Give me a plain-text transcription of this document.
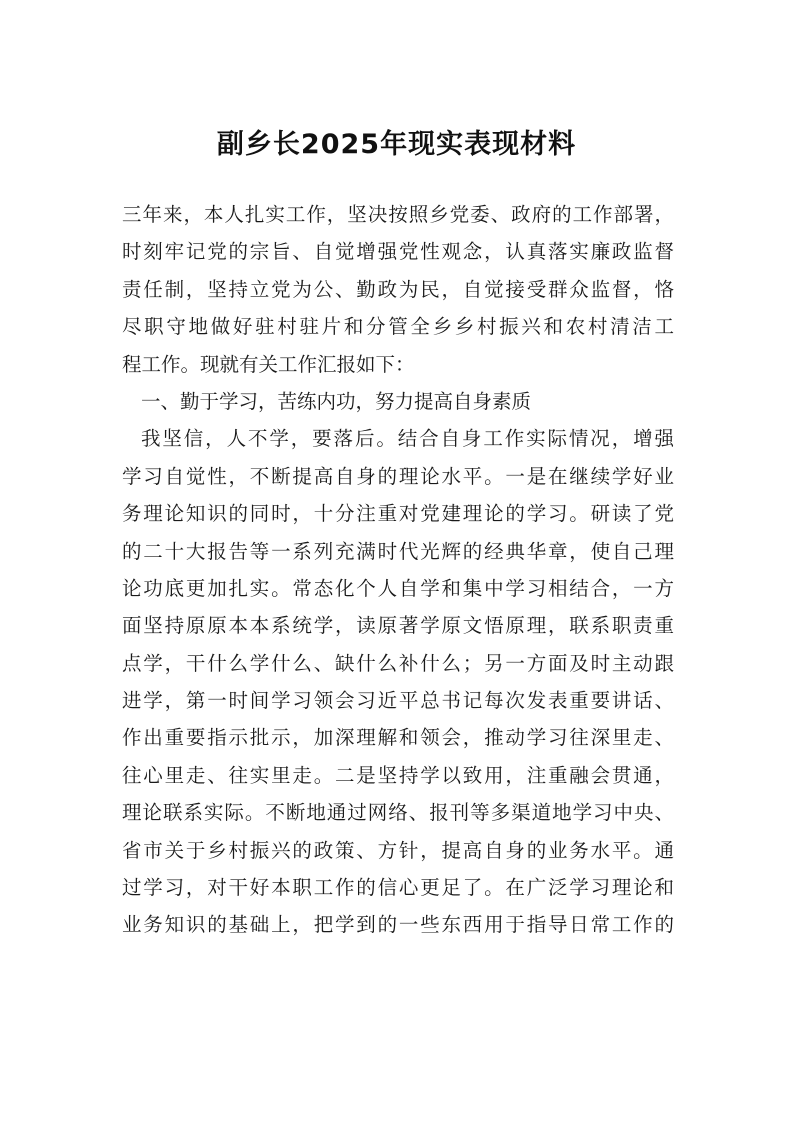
副乡长2025年现实表现材料
三年来，本人扎实工作，坚决按照乡党委、政府的工作部署，
时刻牢记党的宗旨、自觉增强党性观念，认真落实廉政监督
责任制，坚持立党为公、勤政为民，自觉接受群众监督，恪
尽职守地做好驻村驻片和分管全乡乡村振兴和农村清洁工
程工作。现就有关工作汇报如下：
一、勤于学习，苦练内功，努力提高自身素质
我坚信，人不学，要落后。结合自身工作实际情况，增强
学习自觉性，不断提高自身的理论水平。一是在继续学好业
务理论知识的同时，十分注重对党建理论的学习。研读了党
的二十大报告等一系列充满时代光辉的经典华章，使自己理
论功底更加扎实。常态化个人自学和集中学习相结合，一方
面坚持原原本本系统学，读原著学原文悟原理，联系职责重
点学，干什么学什么、缺什么补什么；另一方面及时主动跟
进学，第一时间学习领会习近平总书记每次发表重要讲话、
作出重要指示批示，加深理解和领会，推动学习往深里走、
往心里走、往实里走。二是坚持学以致用，注重融会贯通，
理论联系实际。不断地通过网络、报刊等多渠道地学习中央、
省市关于乡村振兴的政策、方针，提高自身的业务水平。通
过学习，对干好本职工作的信心更足了。在广泛学习理论和
业务知识的基础上，把学到的一些东西用于指导日常工作的
